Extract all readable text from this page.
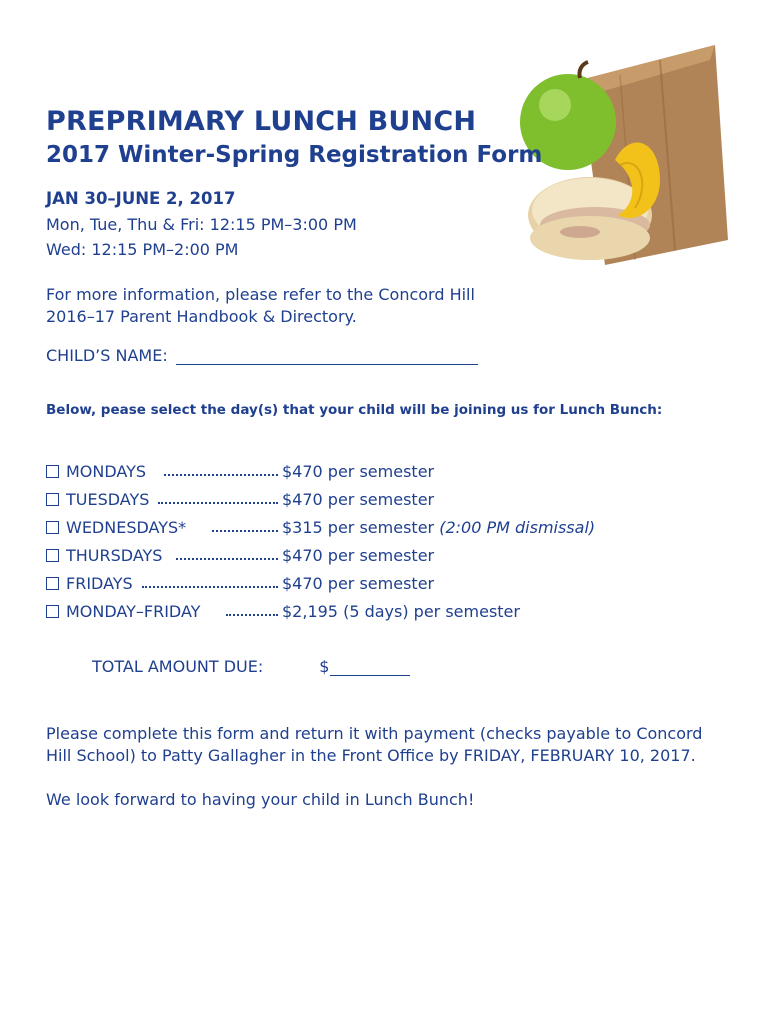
PREPRIMARY LUNCH BUNCH
2017 Winter-Spring Registration Form
JAN 30–JUNE 2, 2017
Mon, Tue, Thu & Fri: 12:15 PM–3:00 PM
Wed: 12:15 PM–2:00 PM
For more information, please refer to the Concord Hill
2016–17 Parent Handbook & Directory.
CHILD’S NAME:
Below, pease select the day(s) that your child will be joining us for Lunch Bunch:
MONDAYS	$470 per semester
TUESDAYS	$470 per semester
WEDNESDAYS*	$315 per semester (2:00 PM dismissal)
THURSDAYS	$470 per semester
FRIDAYS	$470 per semester
MONDAY–FRIDAY	$2,195 (5 days) per semester
TOTAL AMOUNT DUE:	$
Please complete this form and return it with payment (checks payable to Concord
Hill School) to Patty Gallagher in the Front Office by FRIDAY, FEBRUARY 10, 2017.
We look forward to having your child in Lunch Bunch!
